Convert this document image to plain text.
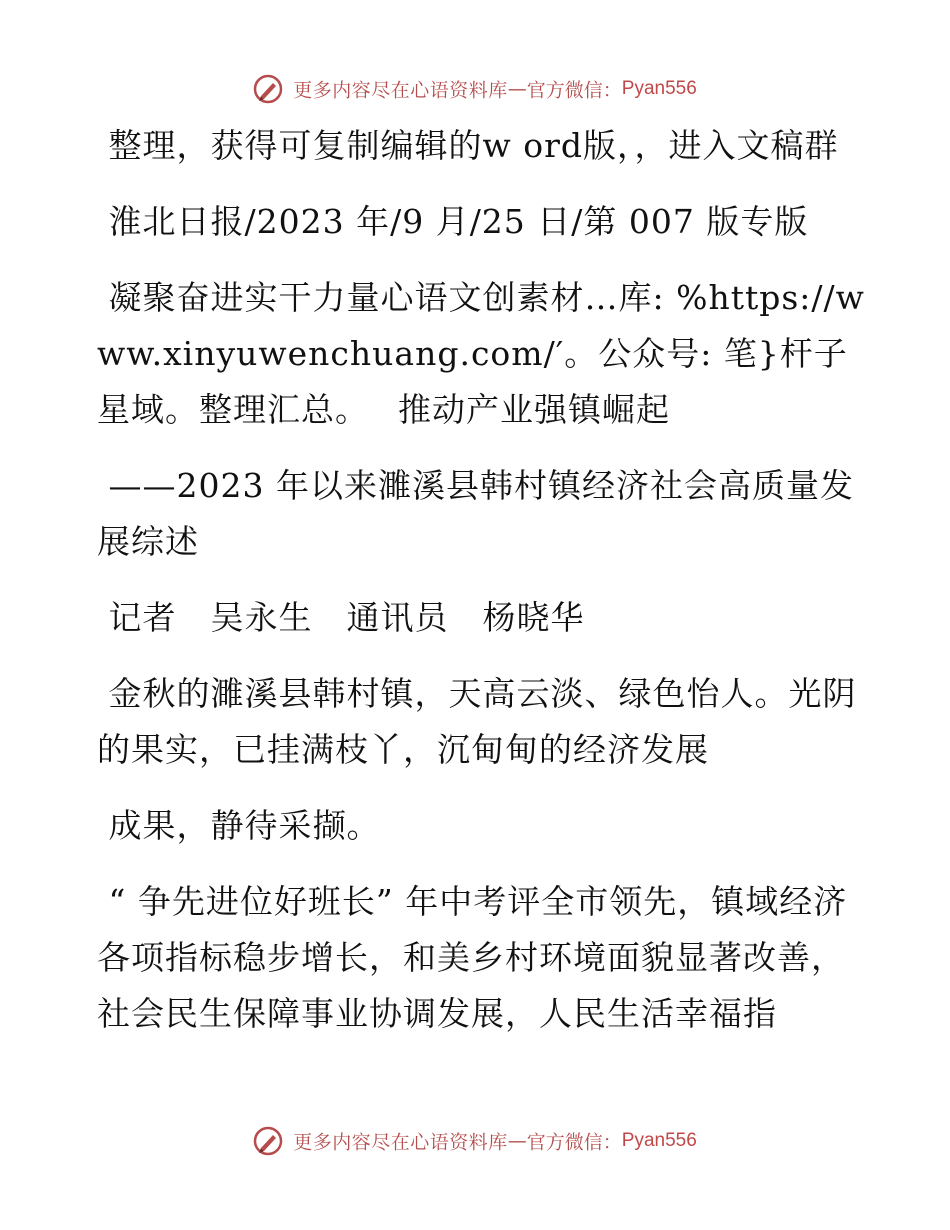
更多内容尽在心语资料库—官方微信：Pyan556

整理，获得可复制编辑的w ord版，，进入文稿群

淮北日报/2023 年/9 月/25 日/第 007 版专版

凝聚奋进实干力量心语文创素材…库: %https://www.xinyuwenchuang.com/′。公众号: 笔}杆子星域。整理汇总。　 推动产业强镇崛起

——2023 年以来濉溪县韩村镇经济社会高质量发展综述

记者　吴永生　通讯员　杨晓华

金秋的濉溪县韩村镇，天高云淡、绿色怡人。光阴的果实，已挂满枝丫，沉甸甸的经济发展

成果，静待采撷。

“ 争先进位好班长” 年中考评全市领先，镇域经济各项指标稳步增长，和美乡村环境面貌显著改善，社会民生保障事业协调发展，人民生活幸福指

更多内容尽在心语资料库—官方微信：Pyan556
